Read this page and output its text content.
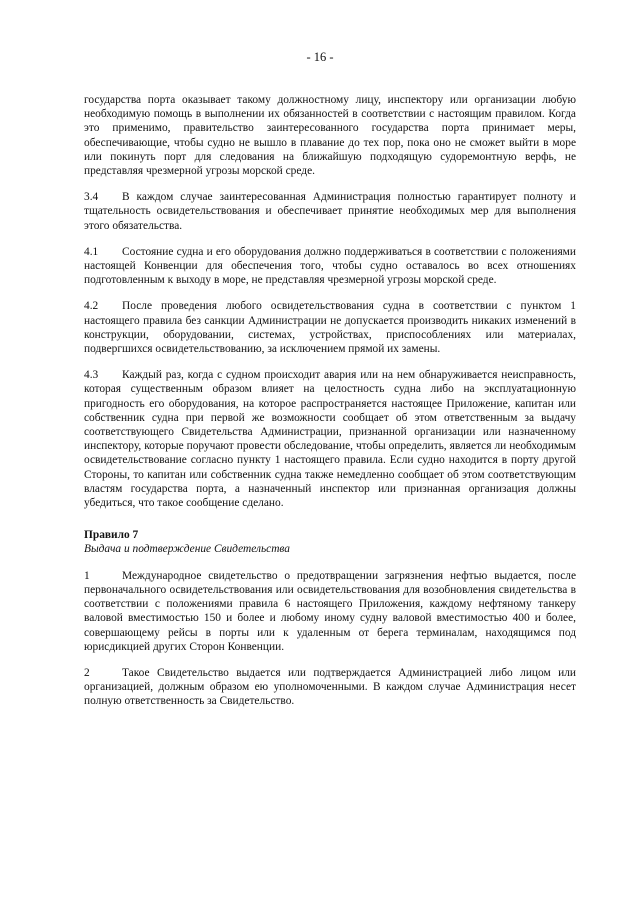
- 16 -

государства порта оказывает такому должностному лицу, инспектору или организации любую необходимую помощь в выполнении их обязанностей в соответствии с настоящим правилом. Когда это применимо, правительство заинтересованного государства порта принимает меры, обеспечивающие, чтобы судно не вышло в плавание до тех пор, пока оно не сможет выйти в море или покинуть порт для следования на ближайшую подходящую судоремонтную верфь, не представляя чрезмерной угрозы морской среде.

3.4 В каждом случае заинтересованная Администрация полностью гарантирует полноту и тщательность освидетельствования и обеспечивает принятие необходимых мер для выполнения этого обязательства.

4.1 Состояние судна и его оборудования должно поддерживаться в соответствии с положениями настоящей Конвенции для обеспечения того, чтобы судно оставалось во всех отношениях подготовленным к выходу в море, не представляя чрезмерной угрозы морской среде.

4.2 После проведения любого освидетельствования судна в соответствии с пунктом 1 настоящего правила без санкции Администрации не допускается производить никаких изменений в конструкции, оборудовании, системах, устройствах, приспособлениях или материалах, подвергшихся освидетельствованию, за исключением прямой их замены.

4.3 Каждый раз, когда с судном происходит авария или на нем обнаруживается неисправность, которая существенным образом влияет на целостность судна либо на эксплуатационную пригодность его оборудования, на которое распространяется настоящее Приложение, капитан или собственник судна при первой же возможности сообщает об этом ответственным за выдачу соответствующего Свидетельства Администрации, признанной организации или назначенному инспектору, которые поручают провести обследование, чтобы определить, является ли необходимым освидетельствование согласно пункту 1 настоящего правила. Если судно находится в порту другой Стороны, то капитан или собственник судна также немедленно сообщает об этом соответствующим властям государства порта, а назначенный инспектор или признанная организация должны убедиться, что такое сообщение сделано.

Правило 7

Выдача и подтверждение Свидетельства

1	Международное свидетельство о предотвращении загрязнения нефтью выдается, после первоначального освидетельствования или освидетельствования для возобновления свидетельства в соответствии с положениями правила 6 настоящего Приложения, каждому нефтяному танкеру валовой вместимостью 150 и более и любому иному судну валовой вместимостью 400 и более, совершающему рейсы в порты или к удаленным от берега терминалам, находящимся под юрисдикцией других Сторон Конвенции.

2	Такое Свидетельство выдается или подтверждается Администрацией либо лицом или организацией, должным образом ею уполномоченными. В каждом случае Администрация несет полную ответственность за Свидетельство.
